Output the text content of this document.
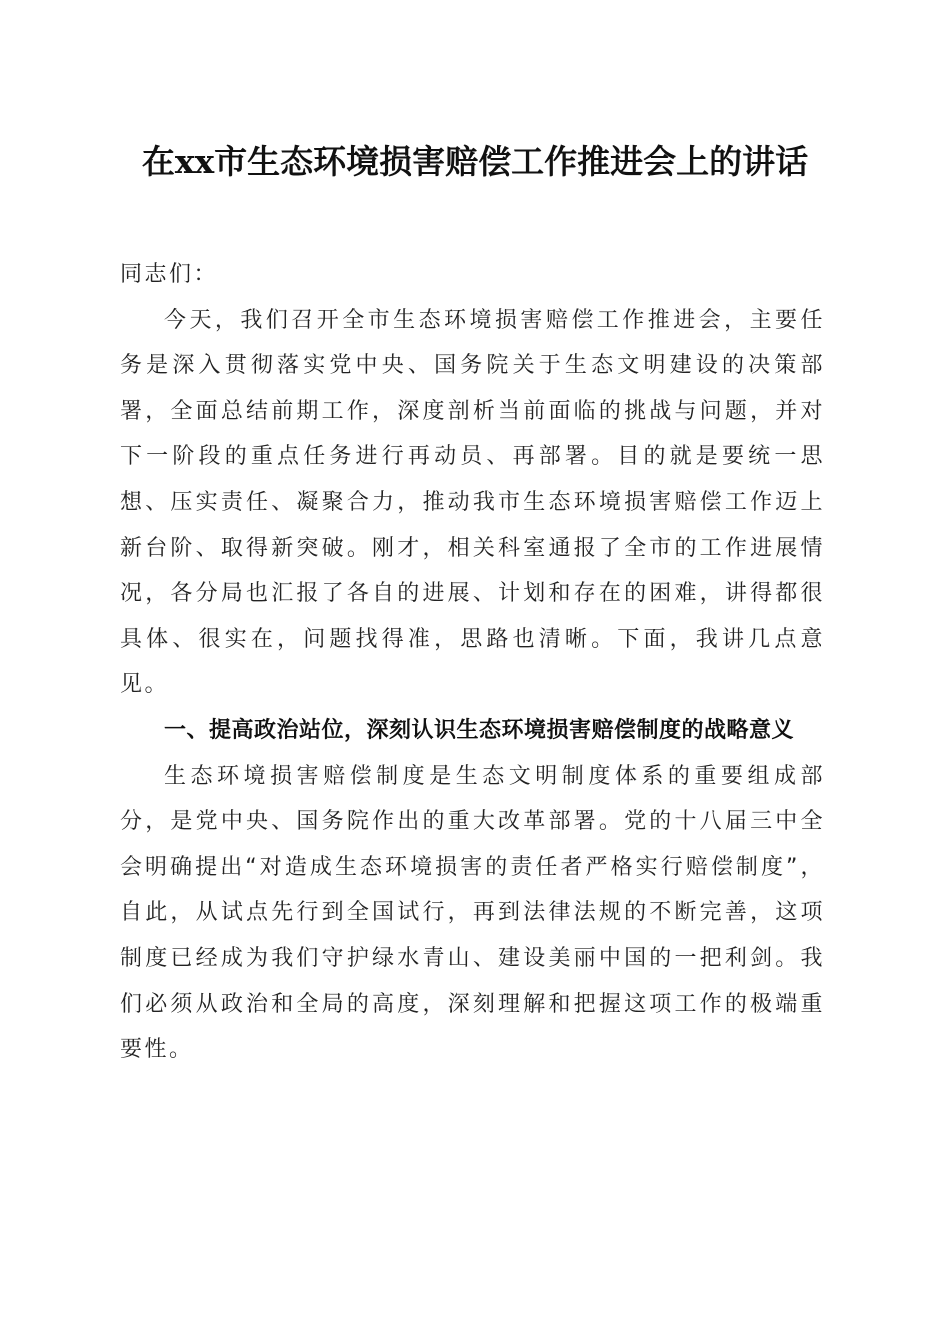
在xx市生态环境损害赔偿工作推进会上的讲话

同志们：

今天，我们召开全市生态环境损害赔偿工作推进会，主要任务是深入贯彻落实党中央、国务院关于生态文明建设的决策部署，全面总结前期工作，深度剖析当前面临的挑战与问题，并对下一阶段的重点任务进行再动员、再部署。目的就是要统一思想、压实责任、凝聚合力，推动我市生态环境损害赔偿工作迈上新台阶、取得新突破。刚才，相关科室通报了全市的工作进展情况，各分局也汇报了各自的进展、计划和存在的困难，讲得都很具体、很实在，问题找得准，思路也清晰。下面，我讲几点意见。

一、提高政治站位，深刻认识生态环境损害赔偿制度的战略意义

生态环境损害赔偿制度是生态文明制度体系的重要组成部分，是党中央、国务院作出的重大改革部署。党的十八届三中全会明确提出“对造成生态环境损害的责任者严格实行赔偿制度”，自此，从试点先行到全国试行，再到法律法规的不断完善，这项制度已经成为我们守护绿水青山、建设美丽中国的一把利剑。我们必须从政治和全局的高度，深刻理解和把握这项工作的极端重要性。
